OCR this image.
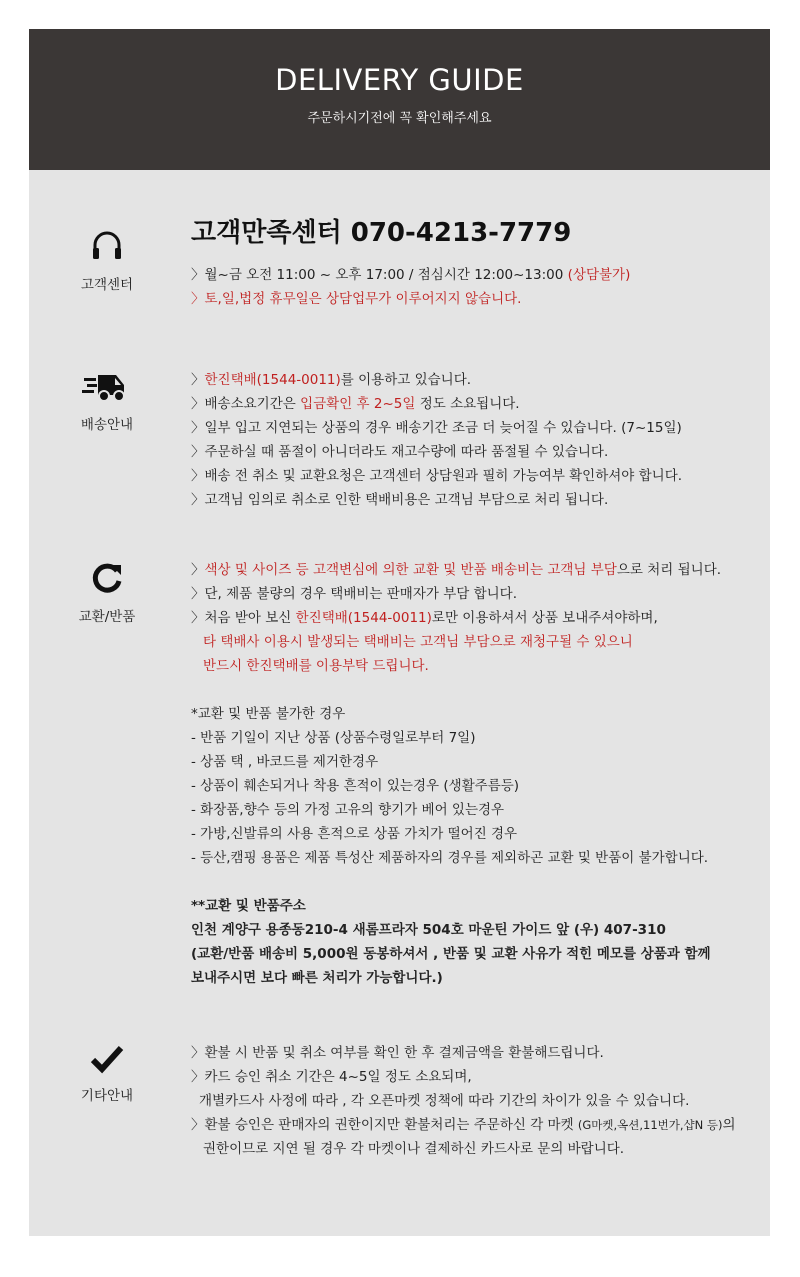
DELIVERY GUIDE
주문하시기전에 꼭 확인해주세요
고객센터
고객만족센터 070-4213-7779
〉월~금 오전 11:00 ~ 오후 17:00 / 점심시간 12:00~13:00 (상담불가)
〉토,일,법정 휴무일은 상담업무가 이루어지지 않습니다.
배송안내
〉한진택배(1544-0011)를 이용하고 있습니다.
〉배송소요기간은 입금확인 후 2~5일 정도 소요됩니다.
〉일부 입고 지연되는 상품의 경우 배송기간 조금 더 늦어질 수 있습니다. (7~15일)
〉주문하실 때 품절이 아니더라도 재고수량에 따라 품절될 수 있습니다.
〉배송 전 취소 및 교환요청은 고객센터 상담원과 필히 가능여부 확인하셔야 합니다.
〉고객님 임의로 취소로 인한 택배비용은 고객님 부담으로 처리 됩니다.
교환/반품
〉색상 및 사이즈 등 고객변심에 의한 교환 및 반품 배송비는 고객님 부담으로 처리 됩니다.
〉단, 제품 불량의 경우 택배비는 판매자가 부담 합니다.
〉처음 받아 보신 한진택배(1544-0011)로만 이용하셔서 상품 보내주셔야하며,
타 택배사 이용시 발생되는 택배비는 고객님 부담으로 재청구될 수 있으니
반드시 한진택배를 이용부탁 드립니다.
*교환 및 반품 불가한 경우
- 반품 기일이 지난 상품 (상품수령일로부터 7일)
- 상품 택 , 바코드를 제거한경우
- 상품이 훼손되거나 착용 흔적이 있는경우 (생활주름등)
- 화장품,향수 등의 가정 고유의 향기가 베어 있는경우
- 가방,신발류의 사용 흔적으로 상품 가치가 떨어진 경우
- 등산,캠핑 용품은 제품 특성산 제품하자의 경우를 제외하곤 교환 및 반품이 불가합니다.
**교환 및 반품주소
인천 계양구 용종동210-4 새롬프라자 504호 마운틴 가이드 앞 (우) 407-310
(교환/반품 배송비 5,000원 동봉하셔서 , 반품 및 교환 사유가 적힌 메모를 상품과 함께
보내주시면 보다 빠른 처리가 가능합니다.)
기타안내
〉환불 시 반품 및 취소 여부를 확인 한 후 결제금액을 환불해드립니다.
〉카드 승인 취소 기간은 4~5일 정도 소요되며,
개별카드사 사정에 따라 , 각 오픈마켓 정책에 따라 기간의 차이가 있을 수 있습니다.
〉환불 승인은 판매자의 권한이지만 환불처리는 주문하신 각 마켓 (G마켓,옥션,11번가,샵N 등)의
권한이므로 지연 될 경우 각 마켓이나 결제하신 카드사로 문의 바랍니다.
